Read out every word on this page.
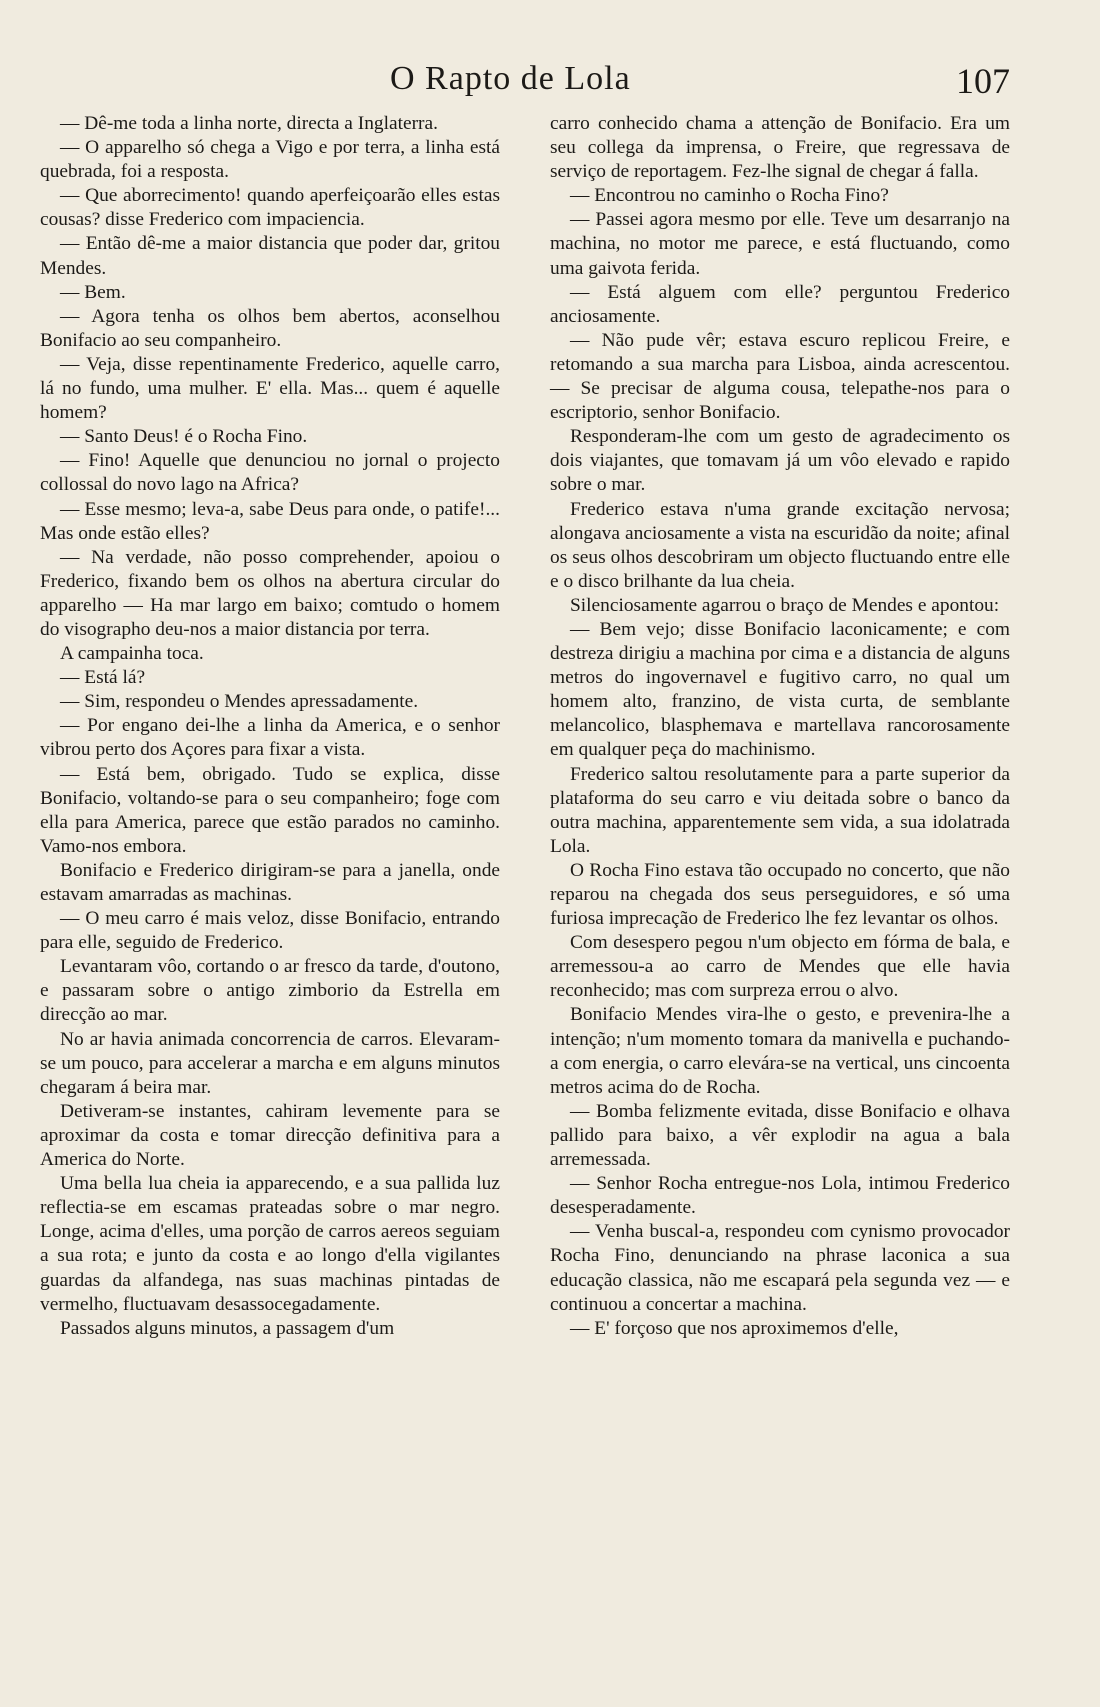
O Rapto de Lola	107

— Dê-me toda a linha norte, directa a Inglaterra.

— O apparelho só chega a Vigo e por terra, a linha está quebrada, foi a resposta.

— Que aborrecimento! quando aperfeiçoarão elles estas cousas? disse Frederico com impaciencia.

— Então dê-me a maior distancia que poder dar, gritou Mendes.

— Bem.

— Agora tenha os olhos bem abertos, aconselhou Bonifacio ao seu companheiro.

— Veja, disse repentinamente Frederico, aquelle carro, lá no fundo, uma mulher. E' ella. Mas... quem é aquelle homem?

— Santo Deus! é o Rocha Fino.

— Fino! Aquelle que denunciou no jornal o projecto collossal do novo lago na Africa?

— Esse mesmo; leva-a, sabe Deus para onde, o patife!... Mas onde estão elles?

— Na verdade, não posso comprehender, apoiou o Frederico, fixando bem os olhos na abertura circular do apparelho — Ha mar largo em baixo; comtudo o homem do visographo deu-nos a maior distancia por terra.

A campainha toca.

— Está lá?

— Sim, respondeu o Mendes apressadamente.

— Por engano dei-lhe a linha da America, e o senhor vibrou perto dos Açores para fixar a vista.

— Está bem, obrigado. Tudo se explica, disse Bonifacio, voltando-se para o seu companheiro; foge com ella para America, parece que estão parados no caminho. Vamo-nos embora.

Bonifacio e Frederico dirigiram-se para a janella, onde estavam amarradas as machinas.

— O meu carro é mais veloz, disse Bonifacio, entrando para elle, seguido de Frederico.

Levantaram vôo, cortando o ar fresco da tarde, d'outono, e passaram sobre o antigo zimborio da Estrella em direcção ao mar.

No ar havia animada concorrencia de carros. Elevaram-se um pouco, para accelerar a marcha e em alguns minutos chegaram á beira mar.

Detiveram-se instantes, cahiram levemente para se aproximar da costa e tomar direcção definitiva para a America do Norte.

Uma bella lua cheia ia apparecendo, e a sua pallida luz reflectia-se em escamas prateadas sobre o mar negro. Longe, acima d'elles, uma porção de carros aereos seguiam a sua rota; e junto da costa e ao longo d'ella vigilantes guardas da alfandega, nas suas machinas pintadas de vermelho, fluctuavam desassocegadamente.

Passados alguns minutos, a passagem d'um

carro conhecido chama a attenção de Bonifacio. Era um seu collega da imprensa, o Freire, que regressava de serviço de reportagem. Fez-lhe signal de chegar á falla.

— Encontrou no caminho o Rocha Fino?

— Passei agora mesmo por elle. Teve um desarranjo na machina, no motor me parece, e está fluctuando, como uma gaivota ferida.

— Está alguem com elle? perguntou Frederico anciosamente.

— Não pude vêr; estava escuro replicou Freire, e retomando a sua marcha para Lisboa, ainda acrescentou. — Se precisar de alguma cousa, telepathe-nos para o escriptorio, senhor Bonifacio.

Responderam-lhe com um gesto de agradecimento os dois viajantes, que tomavam já um vôo elevado e rapido sobre o mar.

Frederico estava n'uma grande excitação nervosa; alongava anciosamente a vista na escuridão da noite; afinal os seus olhos descobriram um objecto fluctuando entre elle e o disco brilhante da lua cheia.

Silenciosamente agarrou o braço de Mendes e apontou:

— Bem vejo; disse Bonifacio laconicamente; e com destreza dirigiu a machina por cima e a distancia de alguns metros do ingovernavel e fugitivo carro, no qual um homem alto, franzino, de vista curta, de semblante melancolico, blasphemava e martellava rancorosamente em qualquer peça do machinismo.

Frederico saltou resolutamente para a parte superior da plataforma do seu carro e viu deitada sobre o banco da outra machina, apparentemente sem vida, a sua idolatrada Lola.

O Rocha Fino estava tão occupado no concerto, que não reparou na chegada dos seus perseguidores, e só uma furiosa imprecação de Frederico lhe fez levantar os olhos.

Com desespero pegou n'um objecto em fórma de bala, e arremessou-a ao carro de Mendes que elle havia reconhecido; mas com surpreza errou o alvo.

Bonifacio Mendes vira-lhe o gesto, e prevenira-lhe a intenção; n'um momento tomara da manivella e puchando-a com energia, o carro elevára-se na vertical, uns cincoenta metros acima do de Rocha.

— Bomba felizmente evitada, disse Bonifacio e olhava pallido para baixo, a vêr explodir na agua a bala arremessada.

— Senhor Rocha entregue-nos Lola, intimou Frederico desesperadamente.

— Venha buscal-a, respondeu com cynismo provocador Rocha Fino, denunciando na phrase laconica a sua educação classica, não me escapará pela segunda vez — e continuou a concertar a machina.

— E' forçoso que nos aproximemos d'elle,
